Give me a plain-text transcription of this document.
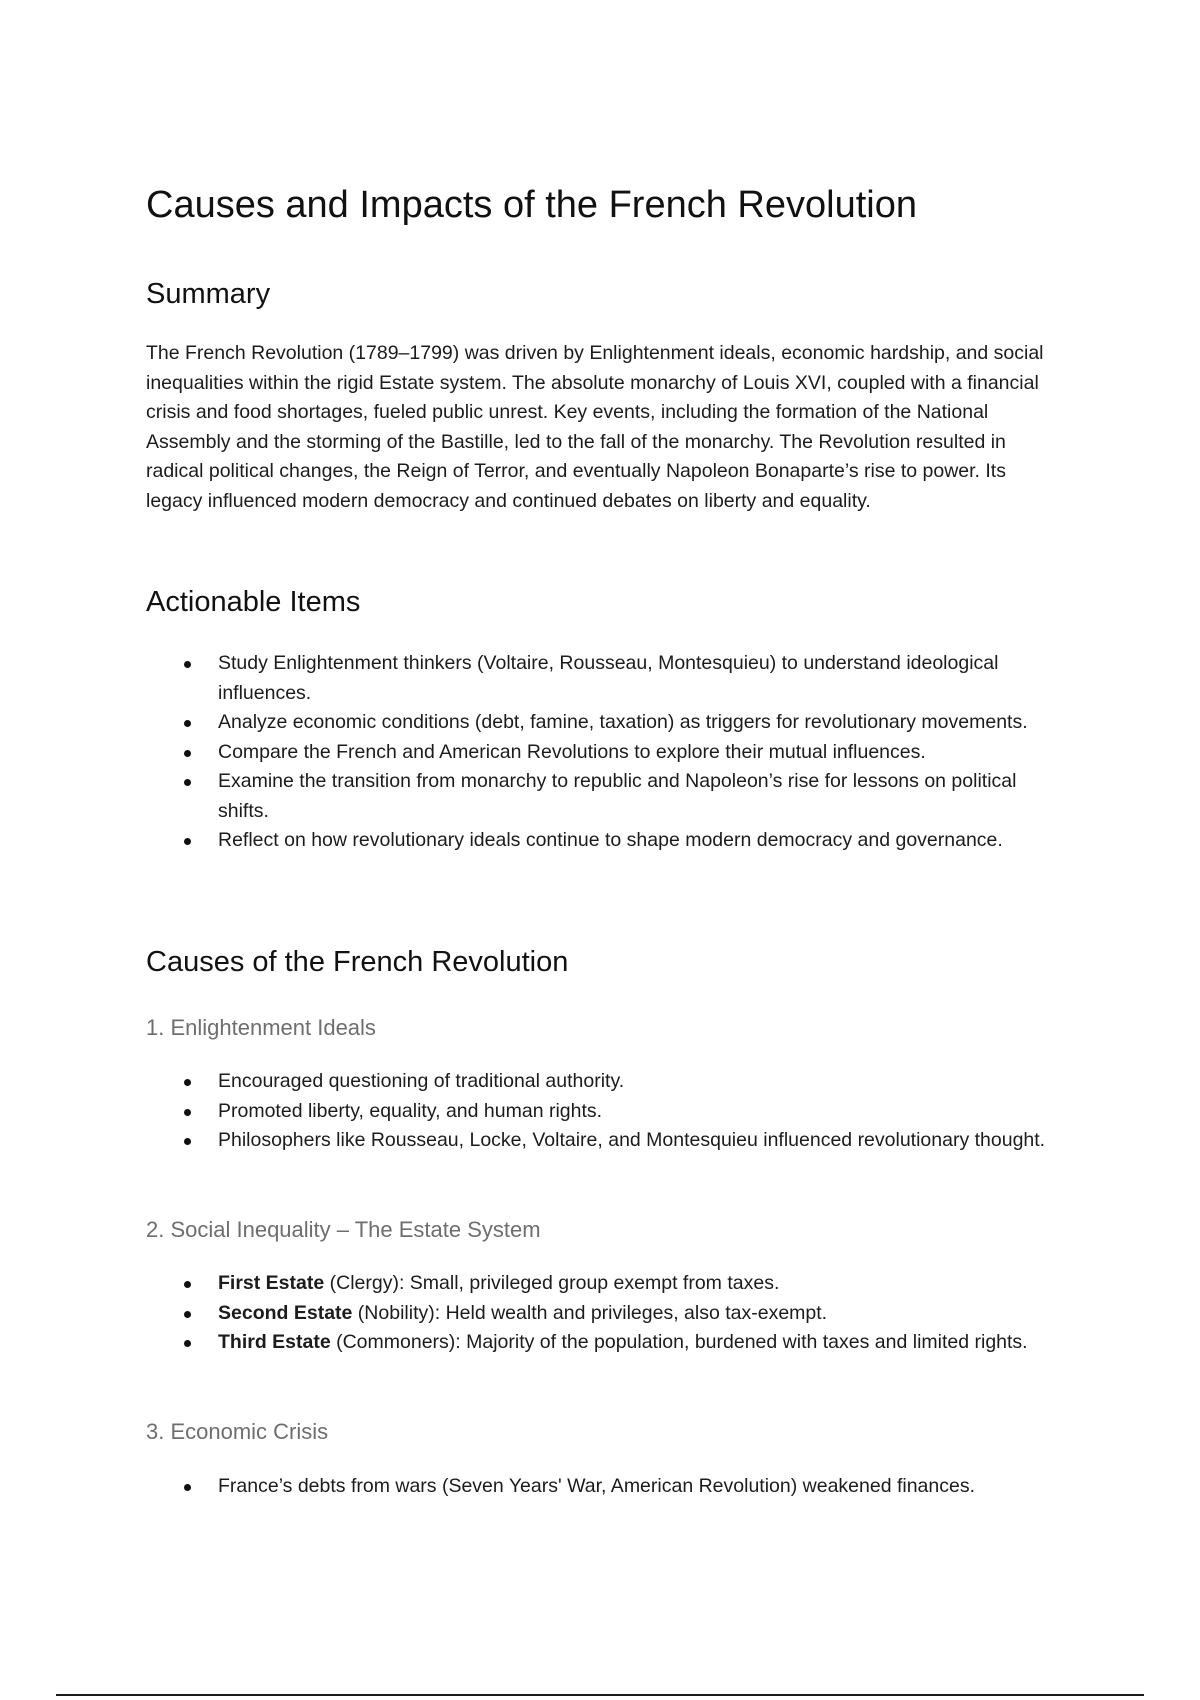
Causes and Impacts of the French Revolution
Summary

The French Revolution (1789–1799) was driven by Enlightenment ideals, economic hardship, and social inequalities within the rigid Estate system. The absolute monarchy of Louis XVI, coupled with a financial crisis and food shortages, fueled public unrest. Key events, including the formation of the National Assembly and the storming of the Bastille, led to the fall of the monarchy. The Revolution resulted in radical political changes, the Reign of Terror, and eventually Napoleon Bonaparte’s rise to power. Its legacy influenced modern democracy and continued debates on liberty and equality.

Actionable Items
Study Enlightenment thinkers (Voltaire, Rousseau, Montesquieu) to understand ideological influences.
Analyze economic conditions (debt, famine, taxation) as triggers for revolutionary movements.
Compare the French and American Revolutions to explore their mutual influences.
Examine the transition from monarchy to republic and Napoleon’s rise for lessons on political shifts.
Reflect on how revolutionary ideals continue to shape modern democracy and governance.
Causes of the French Revolution
1. Enlightenment Ideals
Encouraged questioning of traditional authority.
Promoted liberty, equality, and human rights.
Philosophers like Rousseau, Locke, Voltaire, and Montesquieu influenced revolutionary thought.
2. Social Inequality – The Estate System
First Estate (Clergy): Small, privileged group exempt from taxes.
Second Estate (Nobility): Held wealth and privileges, also tax-exempt.
Third Estate (Commoners): Majority of the population, burdened with taxes and limited rights.
3. Economic Crisis
France’s debts from wars (Seven Years' War, American Revolution) weakened finances.
